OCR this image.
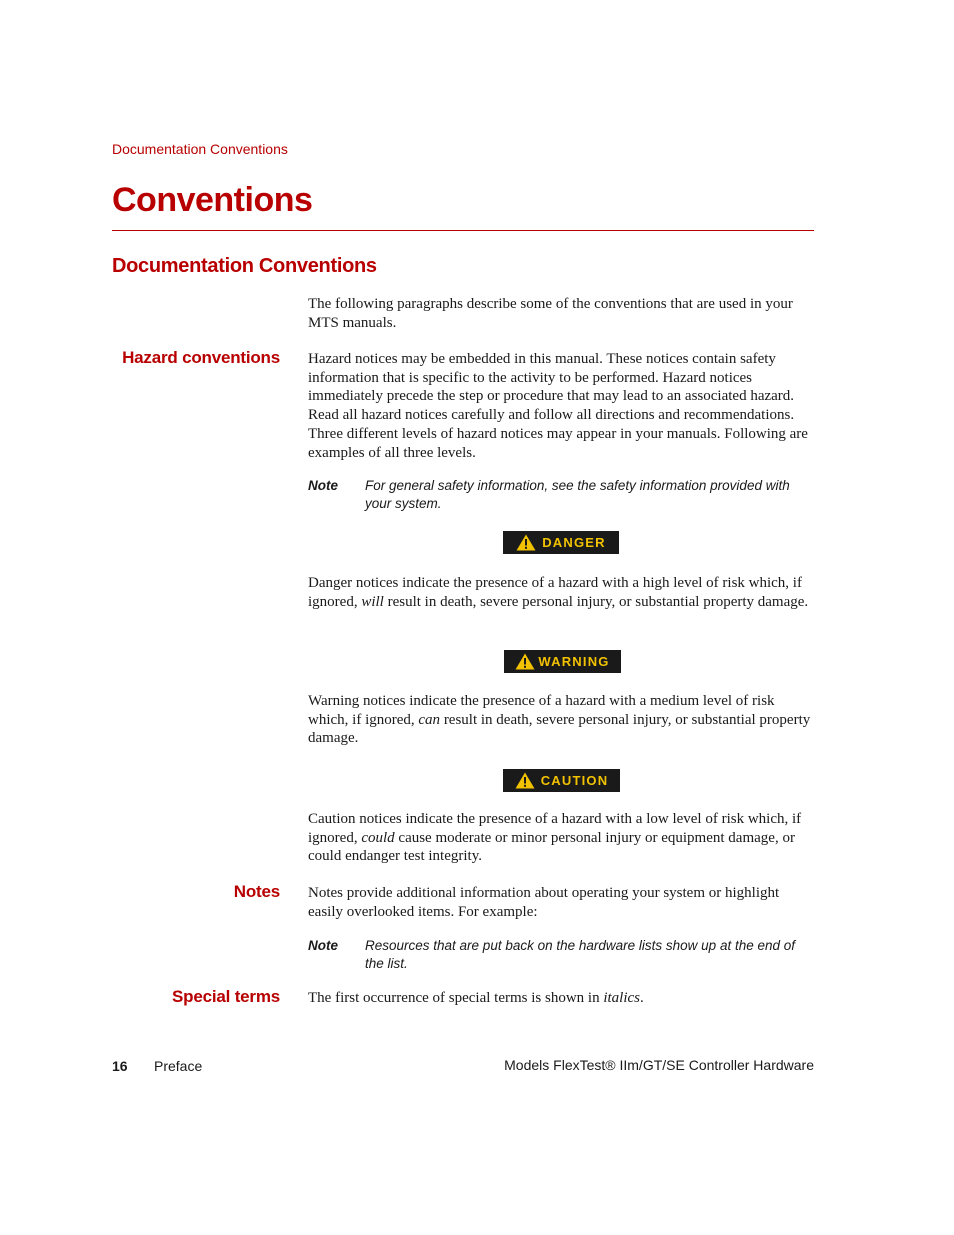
Documentation Conventions
Conventions
Documentation Conventions

The following paragraphs describe some of the conventions that are used in your MTS manuals.

Hazard conventions Hazard notices may be embedded in this manual. These notices contain safety information that is specific to the activity to be performed. Hazard notices immediately precede the step or procedure that may lead to an associated hazard. Read all hazard notices carefully and follow all directions and recommendations. Three different levels of hazard notices may appear in your manuals. Following are examples of all three levels.

Note For general safety information, see the safety information provided with your system.
DANGER

Danger notices indicate the presence of a hazard with a high level of risk which, if ignored, will result in death, severe personal injury, or substantial property damage.

WARNING

Warning notices indicate the presence of a hazard with a medium level of risk which, if ignored, can result in death, severe personal injury, or substantial property damage.

CAUTION

Caution notices indicate the presence of a hazard with a low level of risk which, if ignored, could cause moderate or minor personal injury or equipment damage, or could endanger test integrity.

Notes Notes provide additional information about operating your system or highlight easily overlooked items. For example:

Note Resources that are put back on the hardware lists show up at the end of the list.
Special terms The first occurrence of special terms is shown in italics.

16 Preface	Models FlexTest® IIm/GT/SE Controller Hardware
